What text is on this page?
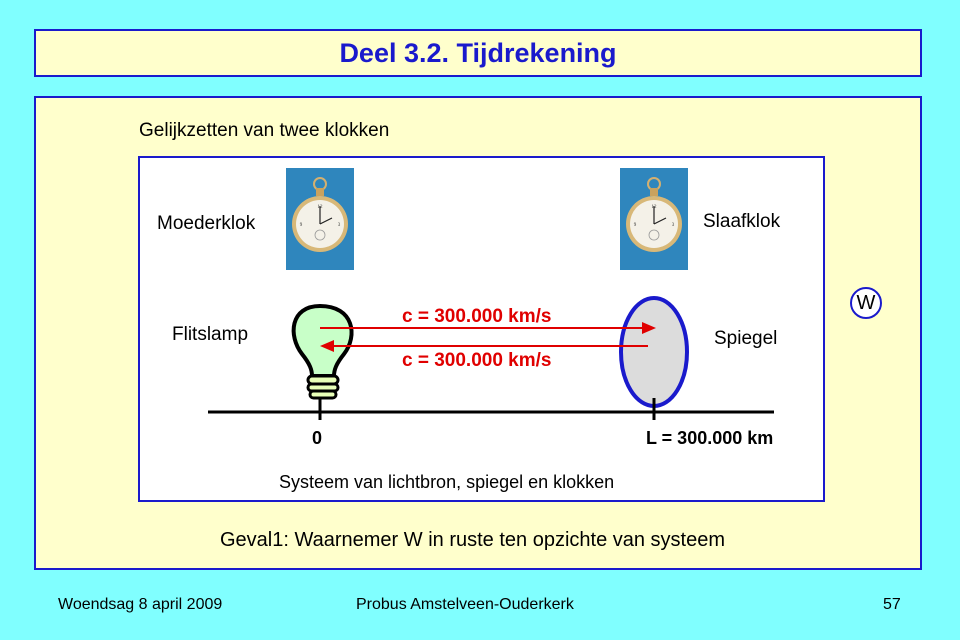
Deel 3.2. Tijdrekening
Gelijkzetten van twee klokken
Moederklok
12
3
9
12
3
9	Slaafklok
Flitslamp	Spiegel
c = 300.000 km/s
c = 300.000 km/s
0	L = 300.000 km
Systeem van lichtbron, spiegel en klokken
W
Geval1: Waarnemer W in ruste ten opzichte van systeem
Woendsag 8 april 2009	Probus Amstelveen-Ouderkerk	57
